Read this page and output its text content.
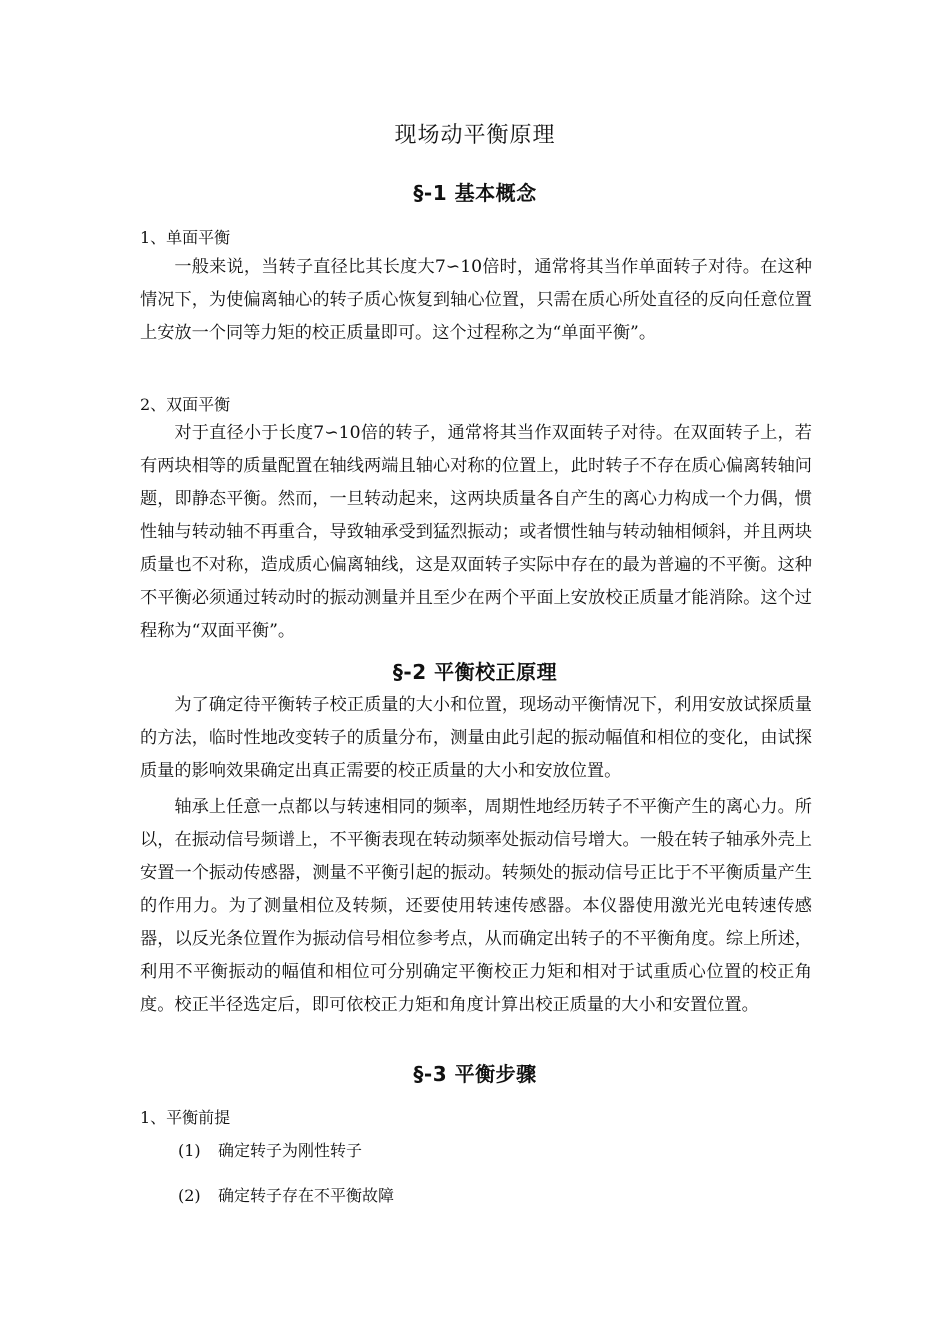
现场动平衡原理
§-1 基本概念
1、单面平衡

一般来说，当转子直径比其长度大7∽10倍时，通常将其当作单面转子对待。在这种情况下，为使偏离轴心的转子质心恢复到轴心位置，只需在质心所处直径的反向任意位置上安放一个同等力矩的校正质量即可。这个过程称之为“单面平衡”。

2、双面平衡

对于直径小于长度7∽10倍的转子，通常将其当作双面转子对待。在双面转子上，若有两块相等的质量配置在轴线两端且轴心对称的位置上，此时转子不存在质心偏离转轴问题，即静态平衡。然而，一旦转动起来，这两块质量各自产生的离心力构成一个力偶，惯性轴与转动轴不再重合，导致轴承受到猛烈振动；或者惯性轴与转动轴相倾斜，并且两块质量也不对称，造成质心偏离轴线，这是双面转子实际中存在的最为普遍的不平衡。这种不平衡必须通过转动时的振动测量并且至少在两个平面上安放校正质量才能消除。这个过程称为“双面平衡”。

§-2 平衡校正原理

为了确定待平衡转子校正质量的大小和位置，现场动平衡情况下，利用安放试探质量的方法，临时性地改变转子的质量分布，测量由此引起的振动幅值和相位的变化，由试探质量的影响效果确定出真正需要的校正质量的大小和安放位置。

轴承上任意一点都以与转速相同的频率，周期性地经历转子不平衡产生的离心力。所以，在振动信号频谱上，不平衡表现在转动频率处振动信号增大。一般在转子轴承外壳上安置一个振动传感器，测量不平衡引起的振动。转频处的振动信号正比于不平衡质量产生的作用力。为了测量相位及转频，还要使用转速传感器。本仪器使用激光光电转速传感器，以反光条位置作为振动信号相位参考点，从而确定出转子的不平衡角度。综上所述，利用不平衡振动的幅值和相位可分别确定平衡校正力矩和相对于试重质心位置的校正角度。校正半径选定后，即可依校正力矩和角度计算出校正质量的大小和安置位置。

§-3 平衡步骤
1、平衡前提
(1) 确定转子为刚性转子
(2) 确定转子存在不平衡故障
